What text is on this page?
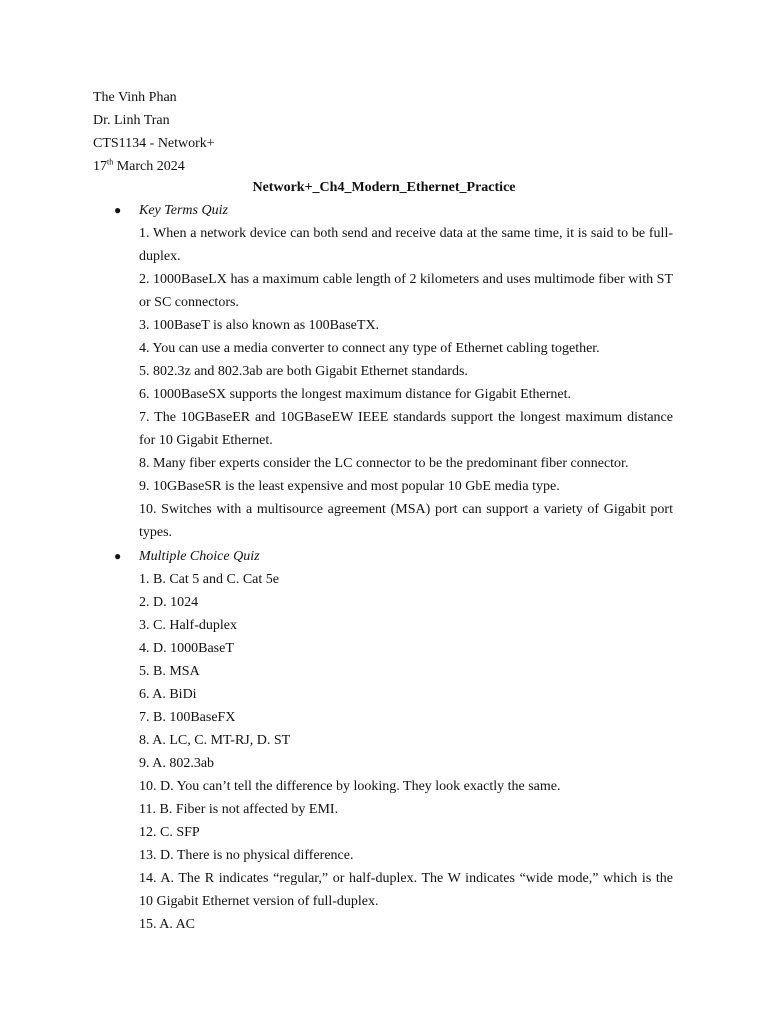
The Vinh Phan
Dr. Linh Tran
CTS1134 - Network+
17th March 2024
Network+_Ch4_Modern_Ethernet_Practice
● Key Terms Quiz
1. When a network device can both send and receive data at the same time, it is said to be full-duplex.
2. 1000BaseLX has a maximum cable length of 2 kilometers and uses multimode fiber with ST or SC connectors.
3. 100BaseT is also known as 100BaseTX.
4. You can use a media converter to connect any type of Ethernet cabling together.
5. 802.3z and 802.3ab are both Gigabit Ethernet standards.
6. 1000BaseSX supports the longest maximum distance for Gigabit Ethernet.
7. The 10GBaseER and 10GBaseEW IEEE standards support the longest maximum distance for 10 Gigabit Ethernet.
8. Many fiber experts consider the LC connector to be the predominant fiber connector.
9. 10GBaseSR is the least expensive and most popular 10 GbE media type.
10. Switches with a multisource agreement (MSA) port can support a variety of Gigabit port types.
● Multiple Choice Quiz
1. B. Cat 5 and C. Cat 5e
2. D. 1024
3. C. Half-duplex
4. D. 1000BaseT
5. B. MSA
6. A. BiDi
7. B. 100BaseFX
8. A. LC, C. MT-RJ, D. ST
9. A. 802.3ab
10. D. You can’t tell the difference by looking. They look exactly the same.
11. B. Fiber is not affected by EMI.
12. C. SFP
13. D. There is no physical difference.
14. A. The R indicates “regular,” or half-duplex. The W indicates “wide mode,” which is the 10 Gigabit Ethernet version of full-duplex.
15. A. AC
